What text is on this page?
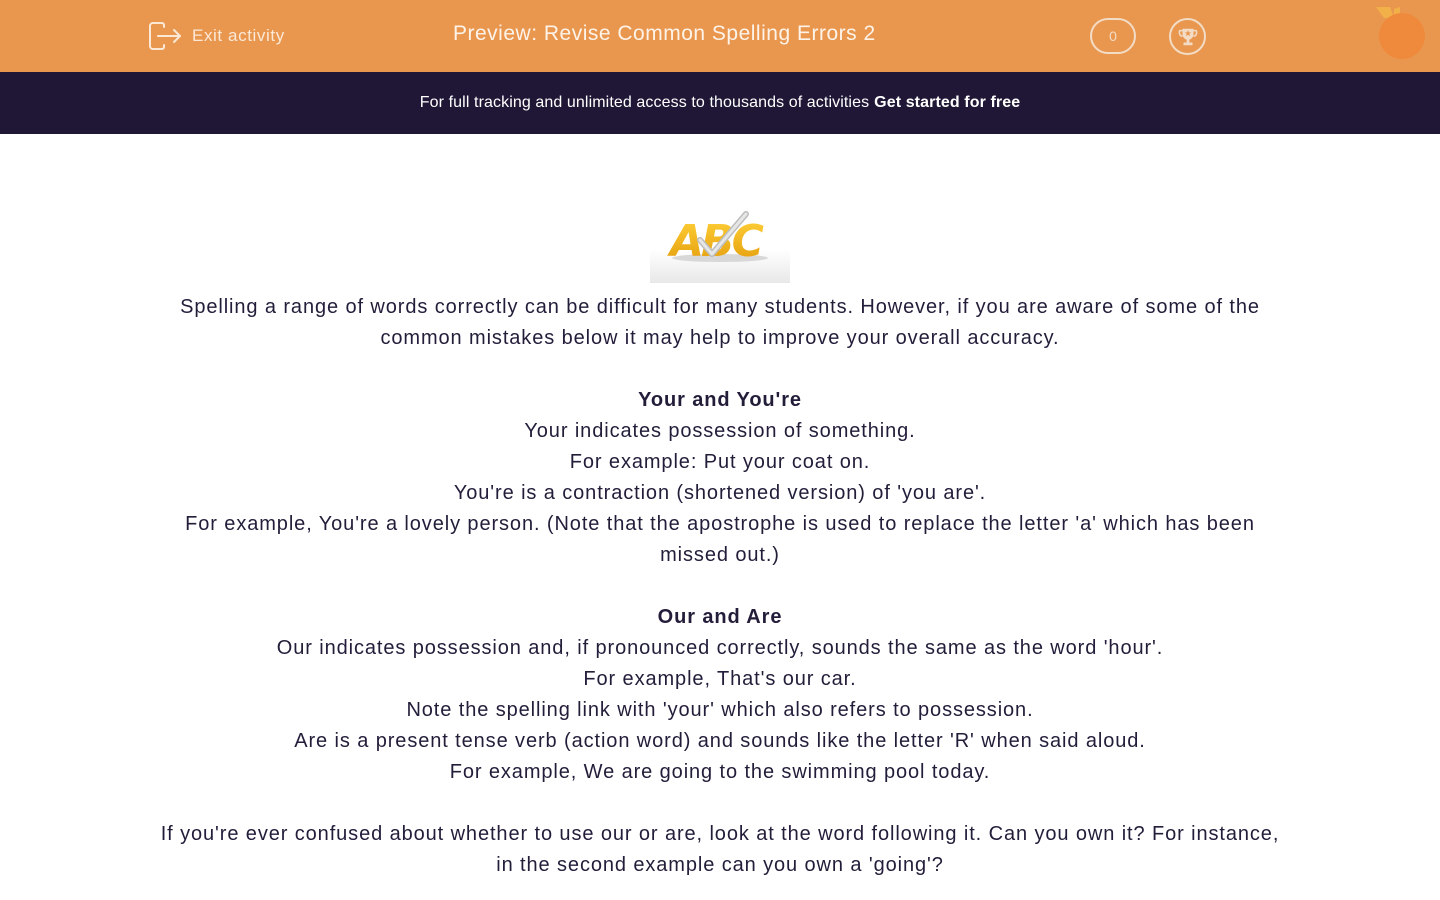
Exit activity	Preview: Revise Common Spelling Errors 2	0
For full tracking and unlimited access to thousands of activities Get started for free
ABC

Spelling a range of words correctly can be difficult for many students. However, if you are aware of some of the common mistakes below it may help to improve your overall accuracy.

Your and You're

Your indicates possession of something.

For example: Put your coat on.

You're is a contraction (shortened version) of 'you are'.

For example, You're a lovely person. (Note that the apostrophe is used to replace the letter 'a' which has been missed out.)

Our and Are

Our indicates possession and, if pronounced correctly, sounds the same as the word 'hour'.

For example, That's our car.

Note the spelling link with 'your' which also refers to possession.

Are is a present tense verb (action word) and sounds like the letter 'R' when said aloud.

For example, We are going to the swimming pool today.

If you're ever confused about whether to use our or are, look at the word following it. Can you own it? For instance, in the second example can you own a 'going'?
